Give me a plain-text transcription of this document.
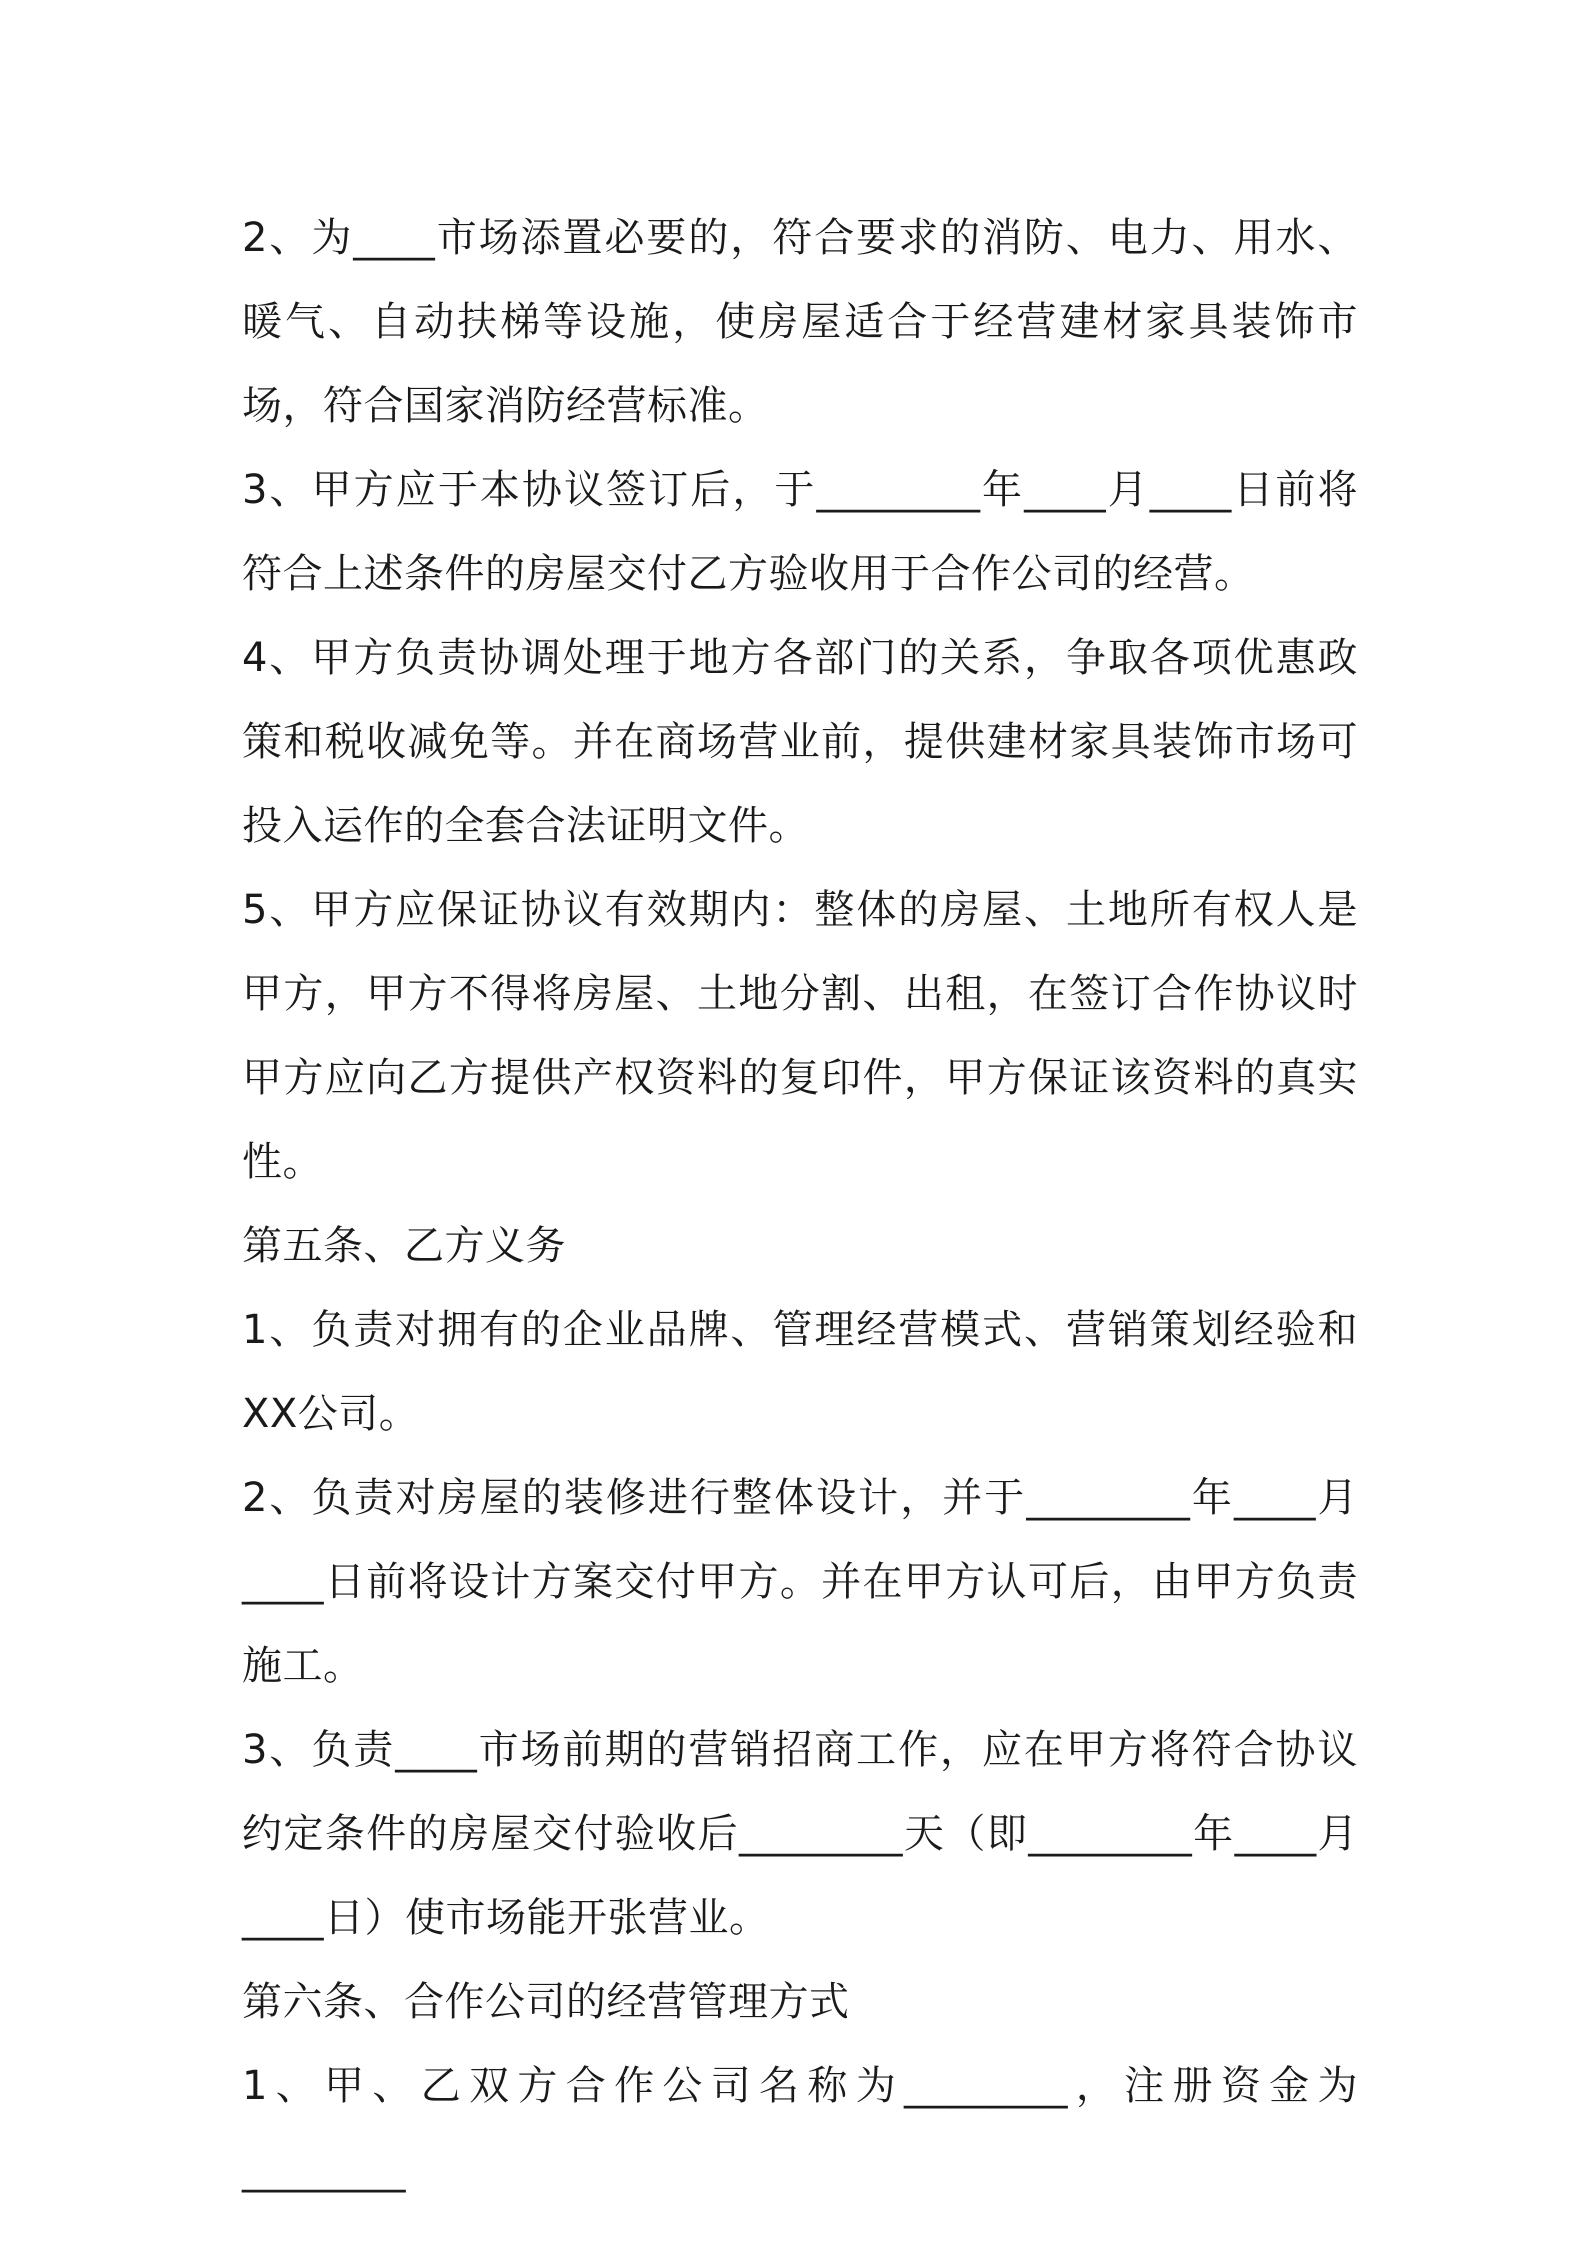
2、为____市场添置必要的，符合要求的消防、电力、用水、暖气、自动扶梯等设施，使房屋适合于经营建材家具装饰市场，符合国家消防经营标准。

3、甲方应于本协议签订后，于________年____月____日前将符合上述条件的房屋交付乙方验收用于合作公司的经营。

4、甲方负责协调处理于地方各部门的关系，争取各项优惠政策和税收减免等。并在商场营业前，提供建材家具装饰市场可投入运作的全套合法证明文件。

5、甲方应保证协议有效期内：整体的房屋、土地所有权人是甲方，甲方不得将房屋、土地分割、出租，在签订合作协议时甲方应向乙方提供产权资料的复印件，甲方保证该资料的真实性。

第五条、乙方义务

1、负责对拥有的企业品牌、管理经营模式、营销策划经验和XX公司。

2、负责对房屋的装修进行整体设计，并于________年____月____日前将设计方案交付甲方。并在甲方认可后，由甲方负责施工。

3、负责____市场前期的营销招商工作，应在甲方将符合协议约定条件的房屋交付验收后________天（即________年____月____日）使市场能开张营业。

第六条、合作公司的经营管理方式

1、甲、乙双方合作公司名称为________，注册资金为________
